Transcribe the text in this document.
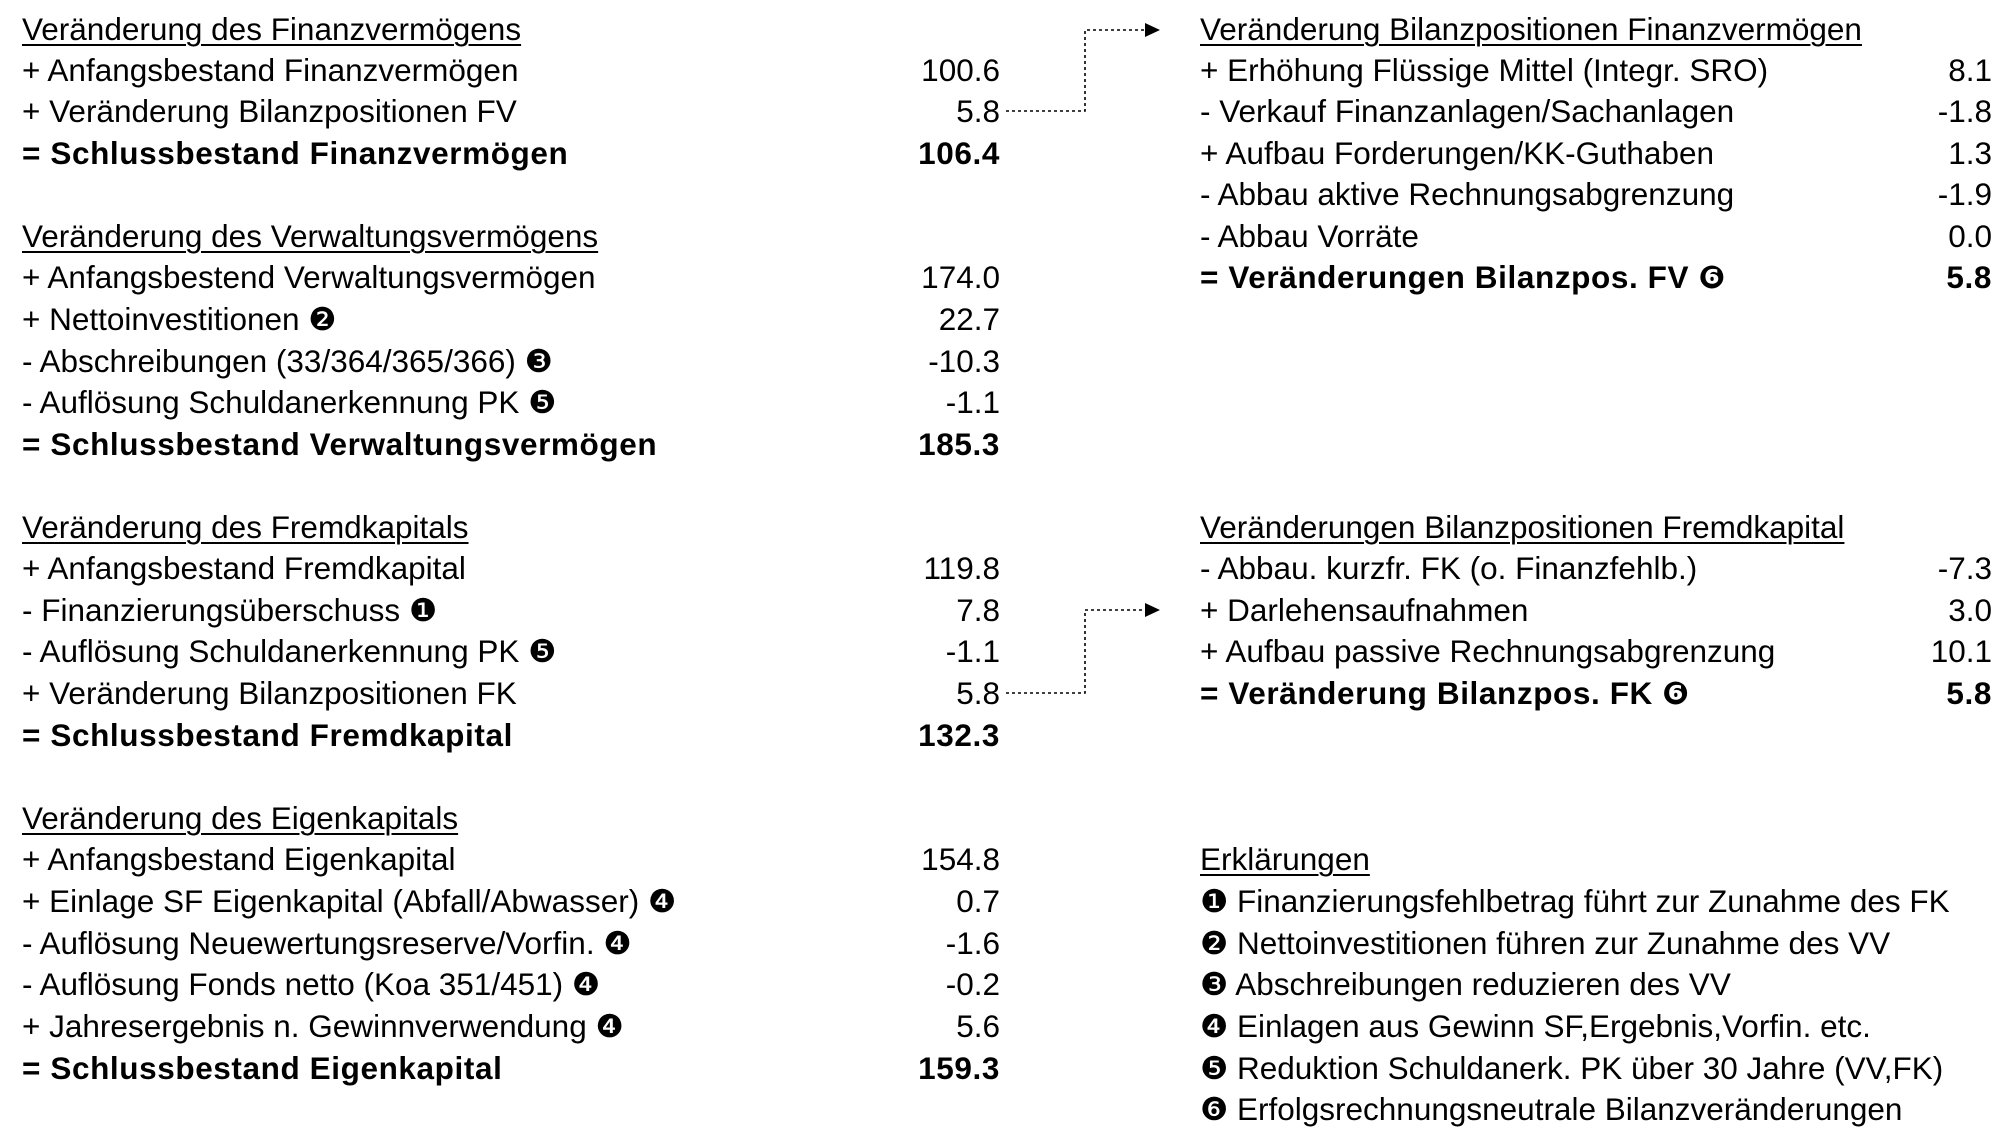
Veränderung des Finanzvermögens
+ Anfangsbestand Finanzvermögen	100.6
+ Veränderung Bilanzpositionen FV	5.8
= Schlussbestand Finanzvermögen	106.4
Veränderung des Verwaltungsvermögens
+ Anfangsbestend Verwaltungsvermögen	174.0
+ Nettoinvestitionen ❷	22.7
- Abschreibungen (33/364/365/366) ❸	-10.3
- Auflösung Schuldanerkennung PK ❺	-1.1
= Schlussbestand Verwaltungsvermögen	185.3
Veränderung des Fremdkapitals
+ Anfangsbestand Fremdkapital	119.8
- Finanzierungsüberschuss ❶	7.8
- Auflösung Schuldanerkennung PK ❺	-1.1
+ Veränderung Bilanzpositionen FK	5.8
= Schlussbestand Fremdkapital	132.3
Veränderung des Eigenkapitals
+ Anfangsbestand Eigenkapital	154.8
+ Einlage SF Eigenkapital (Abfall/Abwasser) ❹	0.7
- Auflösung Neuewertungsreserve/Vorfin. ❹	-1.6
- Auflösung Fonds netto (Koa 351/451) ❹	-0.2
+ Jahresergebnis n. Gewinnverwendung ❹	5.6
= Schlussbestand Eigenkapital	159.3
Veränderung Bilanzpositionen Finanzvermögen
+ Erhöhung Flüssige Mittel (Integr. SRO)	8.1
- Verkauf Finanzanlagen/Sachanlagen	-1.8
+ Aufbau Forderungen/KK-Guthaben	1.3
- Abbau aktive Rechnungsabgrenzung	-1.9
- Abbau Vorräte	0.0
= Veränderungen Bilanzpos. FV ❻	5.8
Veränderungen Bilanzpositionen Fremdkapital
- Abbau. kurzfr. FK (o. Finanzfehlb.)	-7.3
+ Darlehensaufnahmen	3.0
+ Aufbau passive Rechnungsabgrenzung	10.1
= Veränderung Bilanzpos. FK ❻	5.8
Erklärungen
❶ Finanzierungsfehlbetrag führt zur Zunahme des FK
❷ Nettoinvestitionen führen zur Zunahme des VV
❸ Abschreibungen reduzieren des VV
❹ Einlagen aus Gewinn SF,Ergebnis,Vorfin. etc.
❺ Reduktion Schuldanerk. PK über 30 Jahre (VV,FK)
❻ Erfolgsrechnungsneutrale Bilanzveränderungen
